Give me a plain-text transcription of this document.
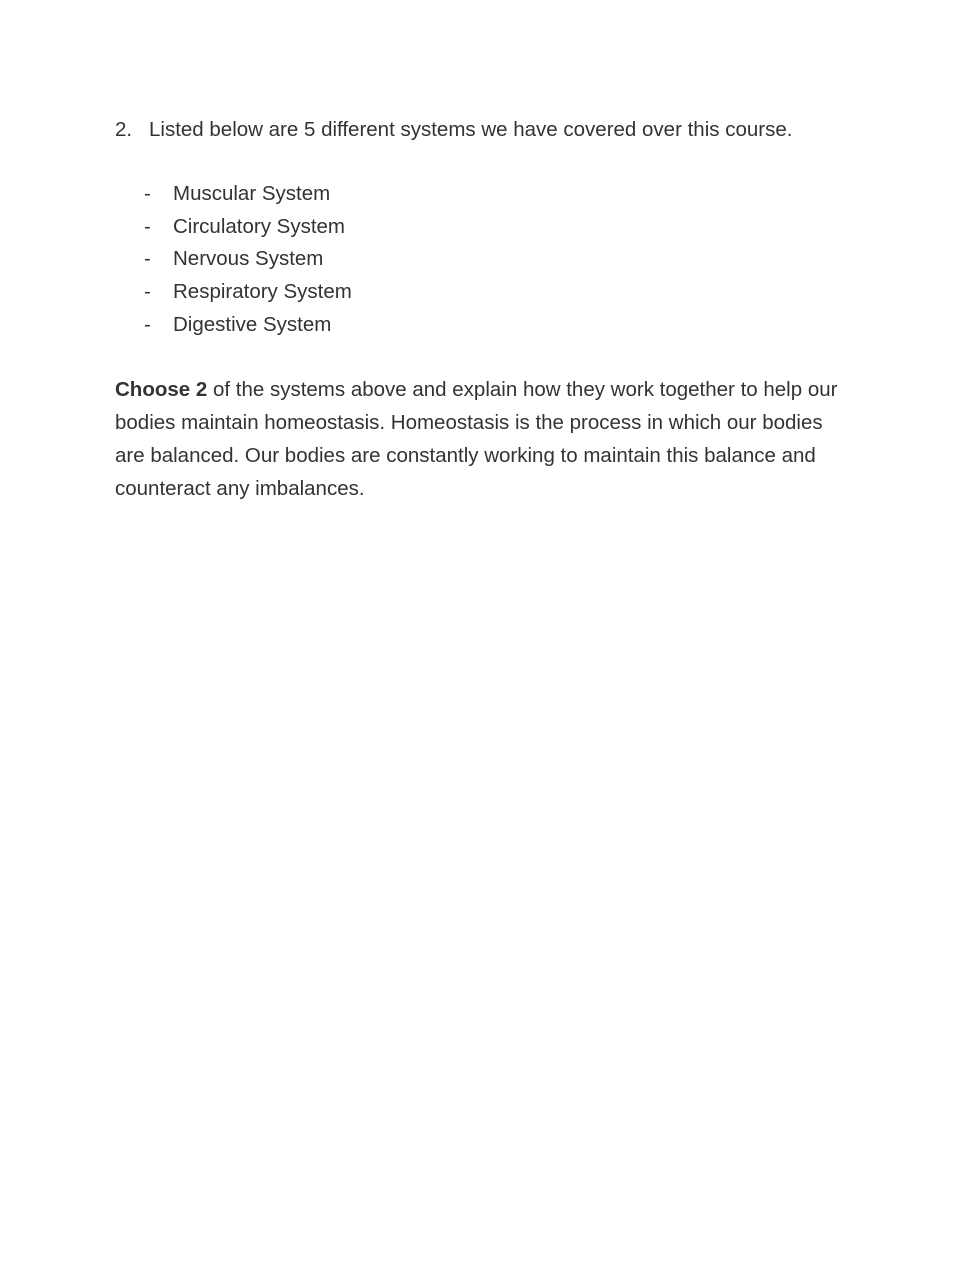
2. Listed below are 5 different systems we have covered over this course.
- Muscular System
- Circulatory System
- Nervous System
- Respiratory System
- Digestive System

Choose 2 of the systems above and explain how they work together to help our bodies maintain homeostasis. Homeostasis is the process in which our bodies are balanced. Our bodies are constantly working to maintain this balance and counteract any imbalances.
